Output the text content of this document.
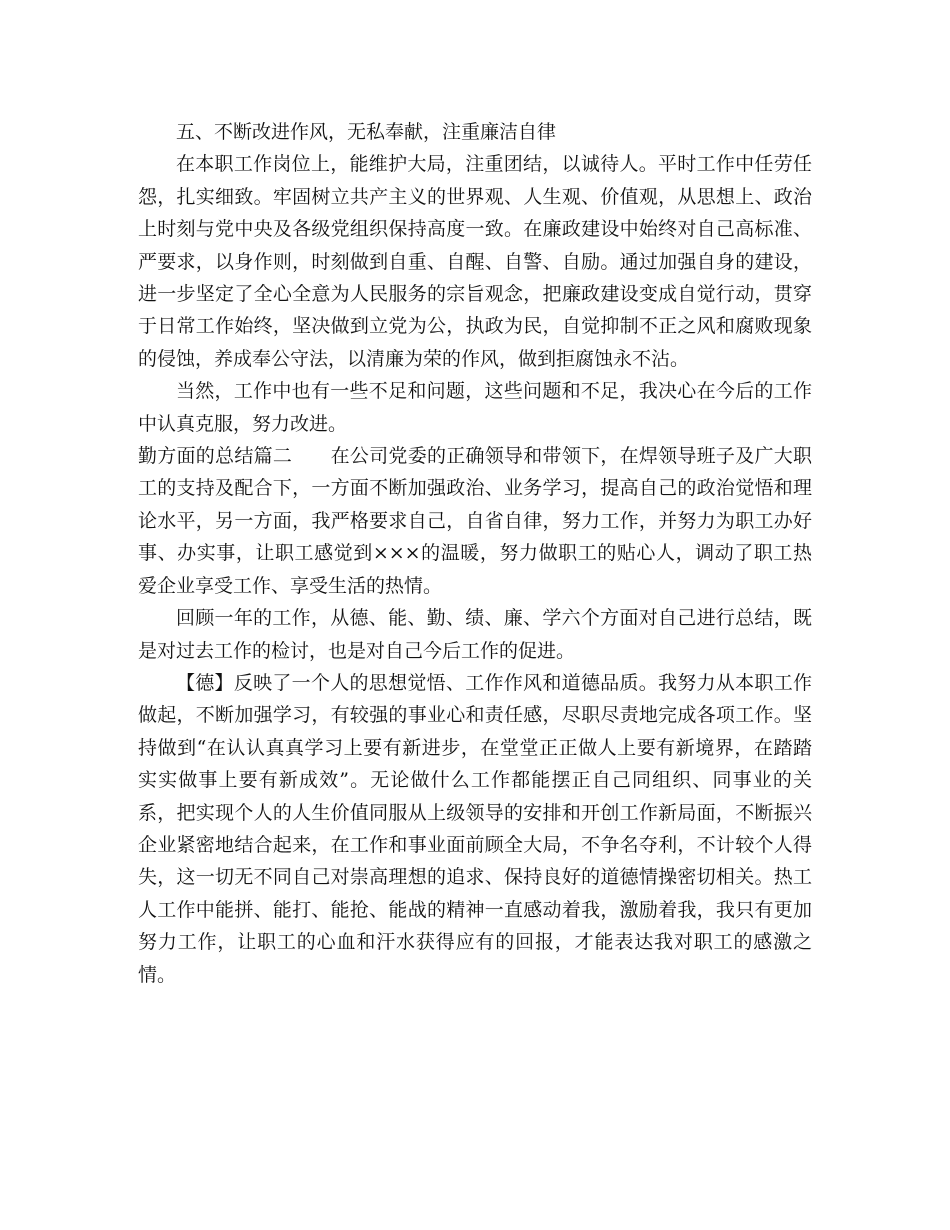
五、不断改进作风，无私奉献，注重廉洁自律

在本职工作岗位上，能维护大局，注重团结，以诚待人。平时工作中任劳任怨，扎实细致。牢固树立共产主义的世界观、人生观、价值观，从思想上、政治上时刻与党中央及各级党组织保持高度一致。在廉政建设中始终对自己高标准、严要求，以身作则，时刻做到自重、自醒、自警、自励。通过加强自身的建设，进一步坚定了全心全意为人民服务的宗旨观念，把廉政建设变成自觉行动，贯穿于日常工作始终，坚决做到立党为公，执政为民，自觉抑制不正之风和腐败现象的侵蚀，养成奉公守法，以清廉为荣的作风，做到拒腐蚀永不沾。

当然，工作中也有一些不足和问题，这些问题和不足，我决心在今后的工作中认真克服，努力改进。

勤方面的总结篇二　　在公司党委的正确领导和带领下，在焊领导班子及广大职工的支持及配合下，一方面不断加强政治、业务学习，提高自己的政治觉悟和理论水平，另一方面，我严格要求自己，自省自律，努力工作，并努力为职工办好事、办实事，让职工感觉到×××的温暖，努力做职工的贴心人，调动了职工热爱企业享受工作、享受生活的热情。

回顾一年的工作，从德、能、勤、绩、廉、学六个方面对自己进行总结，既是对过去工作的检讨，也是对自己今后工作的促进。

【德】反映了一个人的思想觉悟、工作作风和道德品质。我努力从本职工作做起，不断加强学习，有较强的事业心和责任感，尽职尽责地完成各项工作。坚持做到“在认认真真学习上要有新进步，在堂堂正正做人上要有新境界，在踏踏实实做事上要有新成效”。无论做什么工作都能摆正自己同组织、同事业的关系，把实现个人的人生价值同服从上级领导的安排和开创工作新局面，不断振兴企业紧密地结合起来，在工作和事业面前顾全大局，不争名夺利，不计较个人得失，这一切无不同自己对崇高理想的追求、保持良好的道德情操密切相关。热工人工作中能拼、能打、能抢、能战的精神一直感动着我，激励着我，我只有更加努力工作，让职工的心血和汗水获得应有的回报，才能表达我对职工的感激之情。
